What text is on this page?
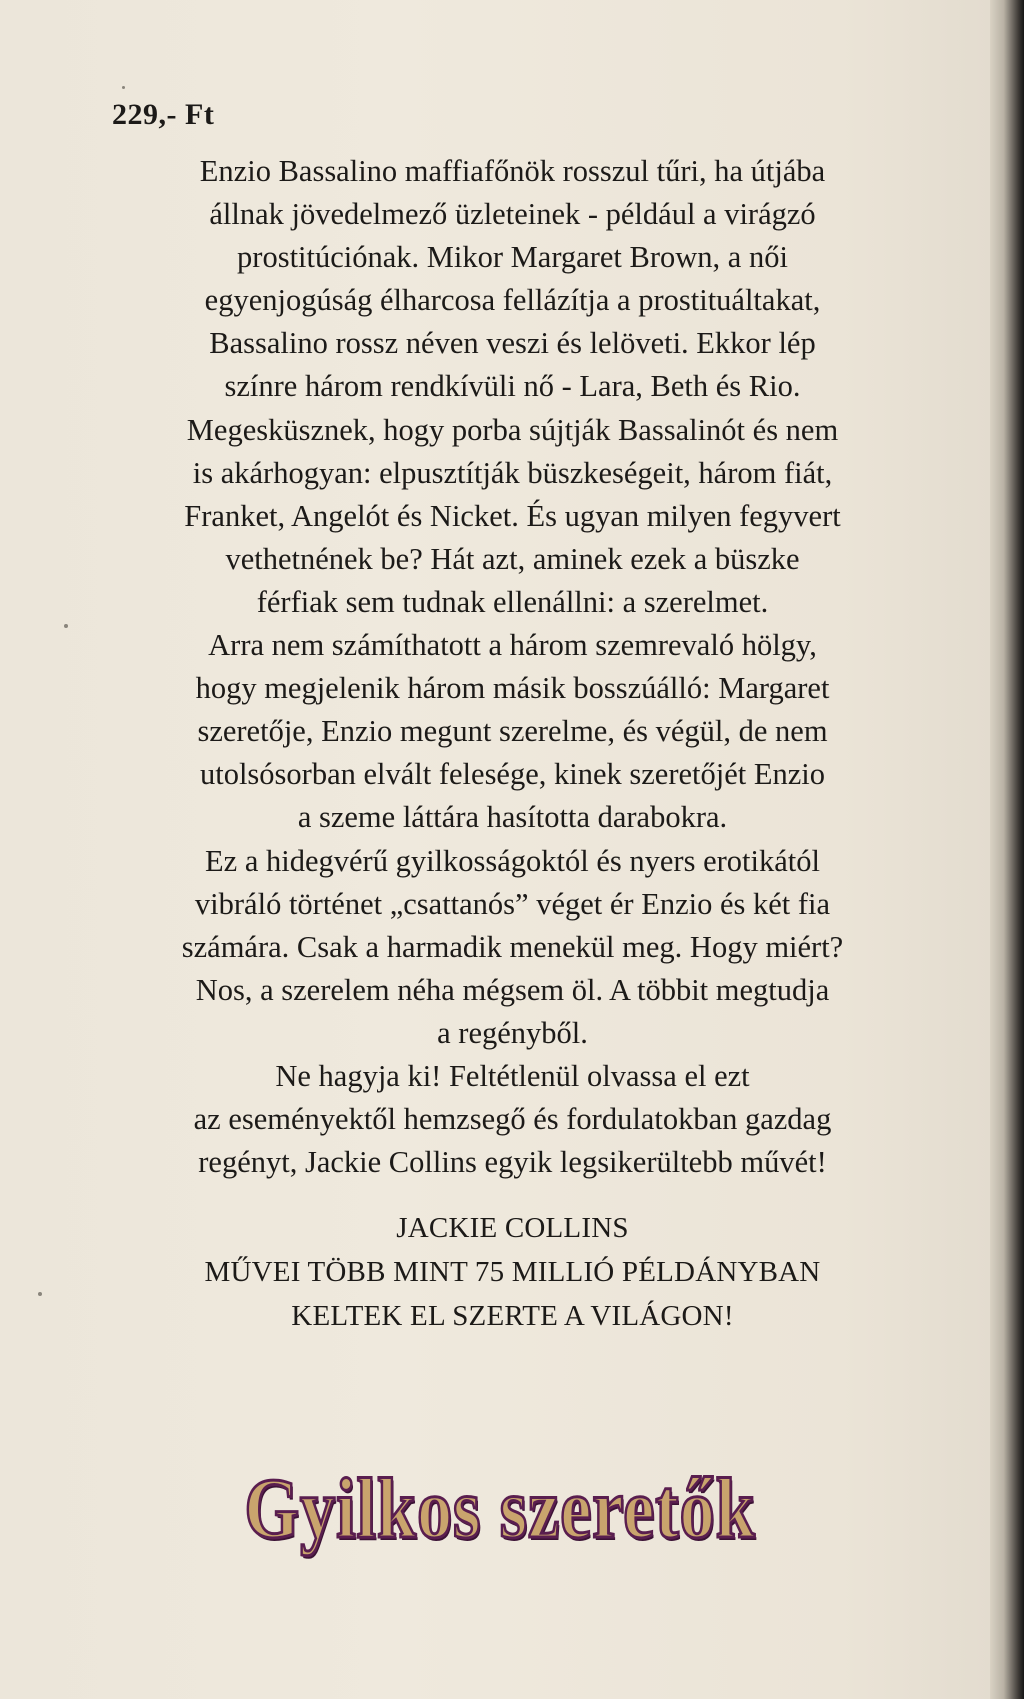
229,- Ft

Enzio Bassalino maffiafőnök rosszul tűri, ha útjába

állnak jövedelmező üzleteinek - például a virágzó

prostitúciónak. Mikor Margaret Brown, a női

egyenjogúság élharcosa fellázítja a prostituáltakat,

Bassalino rossz néven veszi és lelöveti. Ekkor lép

színre három rendkívüli nő - Lara, Beth és Rio.

Megesküsznek, hogy porba sújtják Bassalinót és nem

is akárhogyan: elpusztítják büszkeségeit, három fiát,

Franket, Angelót és Nicket. És ugyan milyen fegyvert

vethetnének be? Hát azt, aminek ezek a büszke

férfiak sem tudnak ellenállni: a szerelmet.

Arra nem számíthatott a három szemrevaló hölgy,

hogy megjelenik három másik bosszúálló: Margaret

szeretője, Enzio megunt szerelme, és végül, de nem

utolsósorban elvált felesége, kinek szeretőjét Enzio

a szeme láttára hasította darabokra.

Ez a hidegvérű gyilkosságoktól és nyers erotikától

vibráló történet „csattanós” véget ér Enzio és két fia

számára. Csak a harmadik menekül meg. Hogy miért?

Nos, a szerelem néha mégsem öl. A többit megtudja

a regényből.

Ne hagyja ki! Feltétlenül olvassa el ezt

az eseményektől hemzsegő és fordulatokban gazdag

regényt, Jackie Collins egyik legsikerültebb művét!

JACKIE COLLINS
MŰVEI TÖBB MINT 75 MILLIÓ PÉLDÁNYBAN
KELTEK EL SZERTE A VILÁGON!
Gyilkos szeretők
